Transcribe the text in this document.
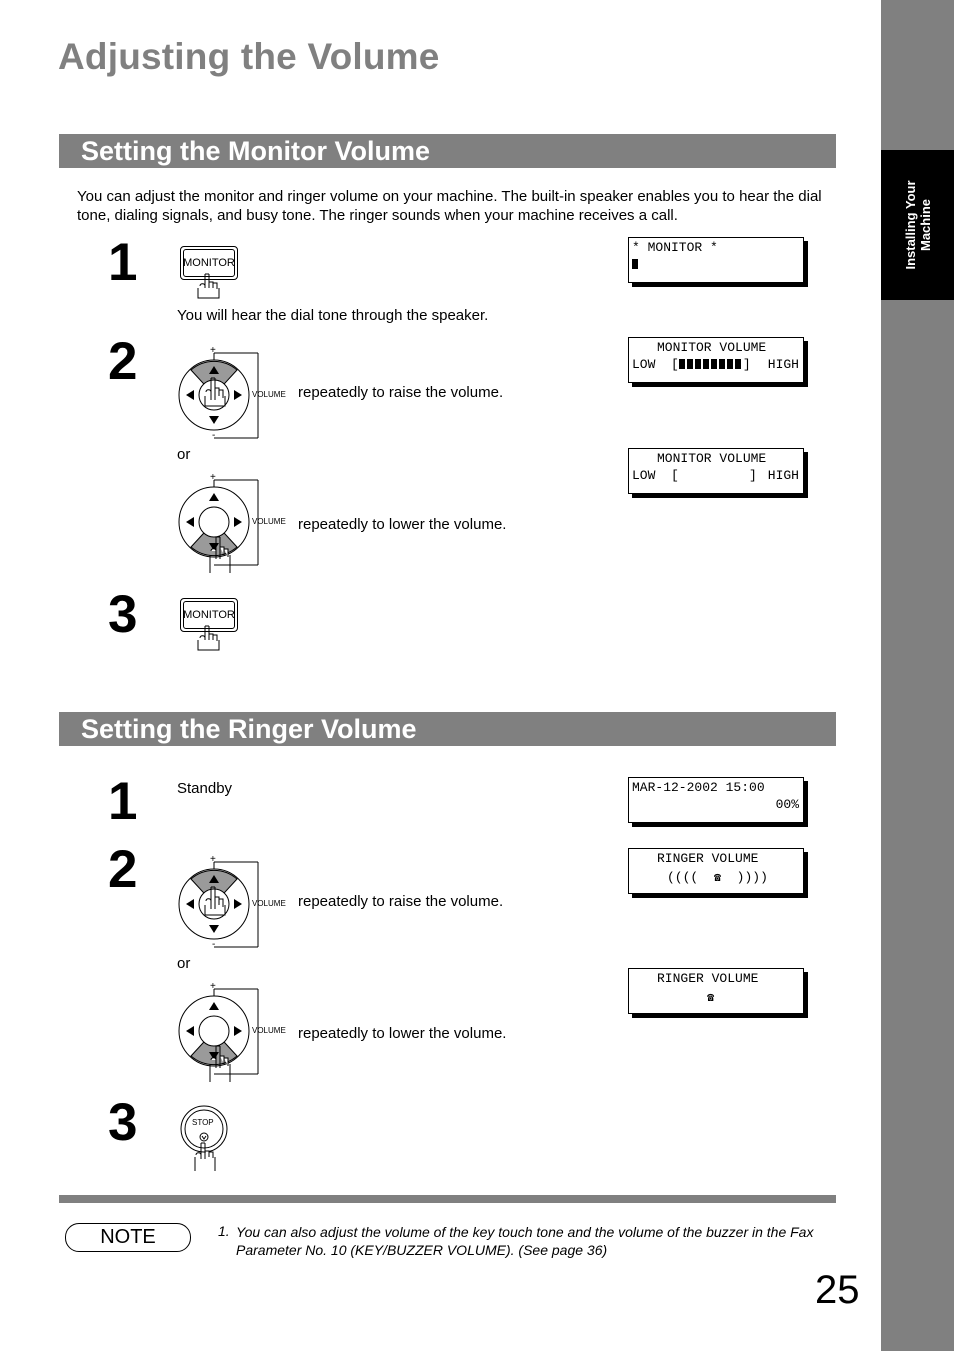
Installing Your Machine
Adjusting the Volume
Setting the Monitor Volume
You can adjust the monitor and ringer volume on your machine. The built-in speaker enables you to hear the dial tone, dialing signals, and busy tone. The ringer sounds when your machine receives a call.
1	MONITOR
You will hear the dial tone through the speaker.
* MONITOR *
2	+
VOLUME
-
repeatedly to raise the volume.
MONITOR VOLUME
LOW  [	] HIGH
or	MONITOR VOLUME
LOW  [         ] HIGH
+
VOLUME repeatedly to lower the volume.
3	MONITOR
Setting the Ringer Volume
1	Standby	MAR-12-2002 15:00
00%
2	RINGER VOLUME
(((( ☎ ))))
+
VOLUME
-
repeatedly to raise the volume.
or
RINGER VOLUME
☎
+
VOLUME repeatedly to lower the volume.
3	STOP
NOTE	1. You can also adjust the volume of the key touch tone and the volume of the buzzer in the Fax Parameter No. 10 (KEY/BUZZER VOLUME). (See page 36)
25
